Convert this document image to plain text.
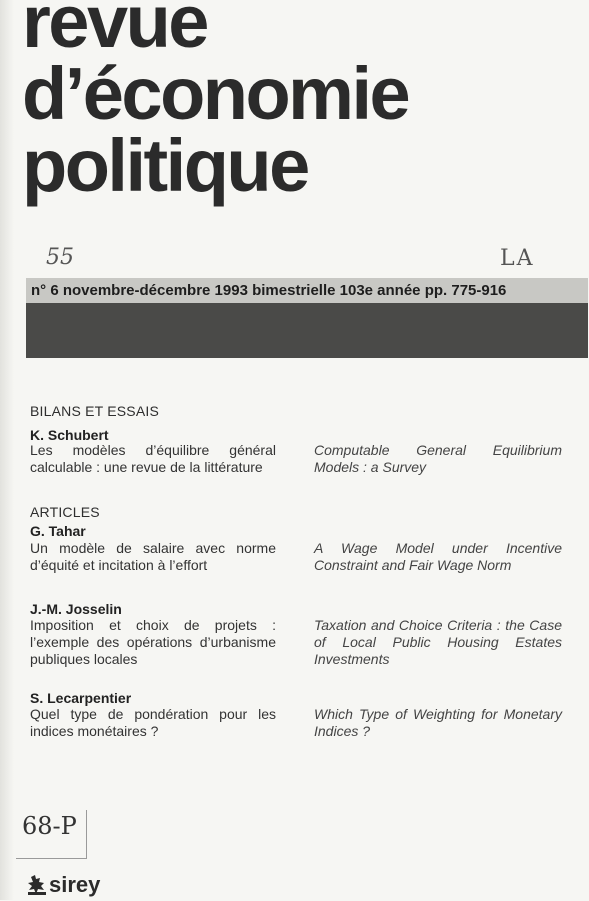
revue
d’économie
politique
55	LA
n° 6 novembre-décembre 1993 bimestrielle 103e année pp. 775-916
BILANS ET ESSAIS
K. Schubert
Les modèles d’équilibre général calculable : une revue de la littérature
Computable General Equilibrium Models : a Survey
ARTICLES
G. Tahar
Un modèle de salaire avec norme d’équité et incitation à l’effort
A Wage Model under Incentive Constraint and Fair Wage Norm
J.-M. Josselin
Imposition et choix de projets : l’exemple des opérations d’urbanisme publiques locales
Taxation and Choice Criteria : the Case of Local Public Housing Estates Investments
S. Lecarpentier
Quel type de pondération pour les indices monétaires ?
Which Type of Weighting for Monetary Indices ?
68-P
sirey
